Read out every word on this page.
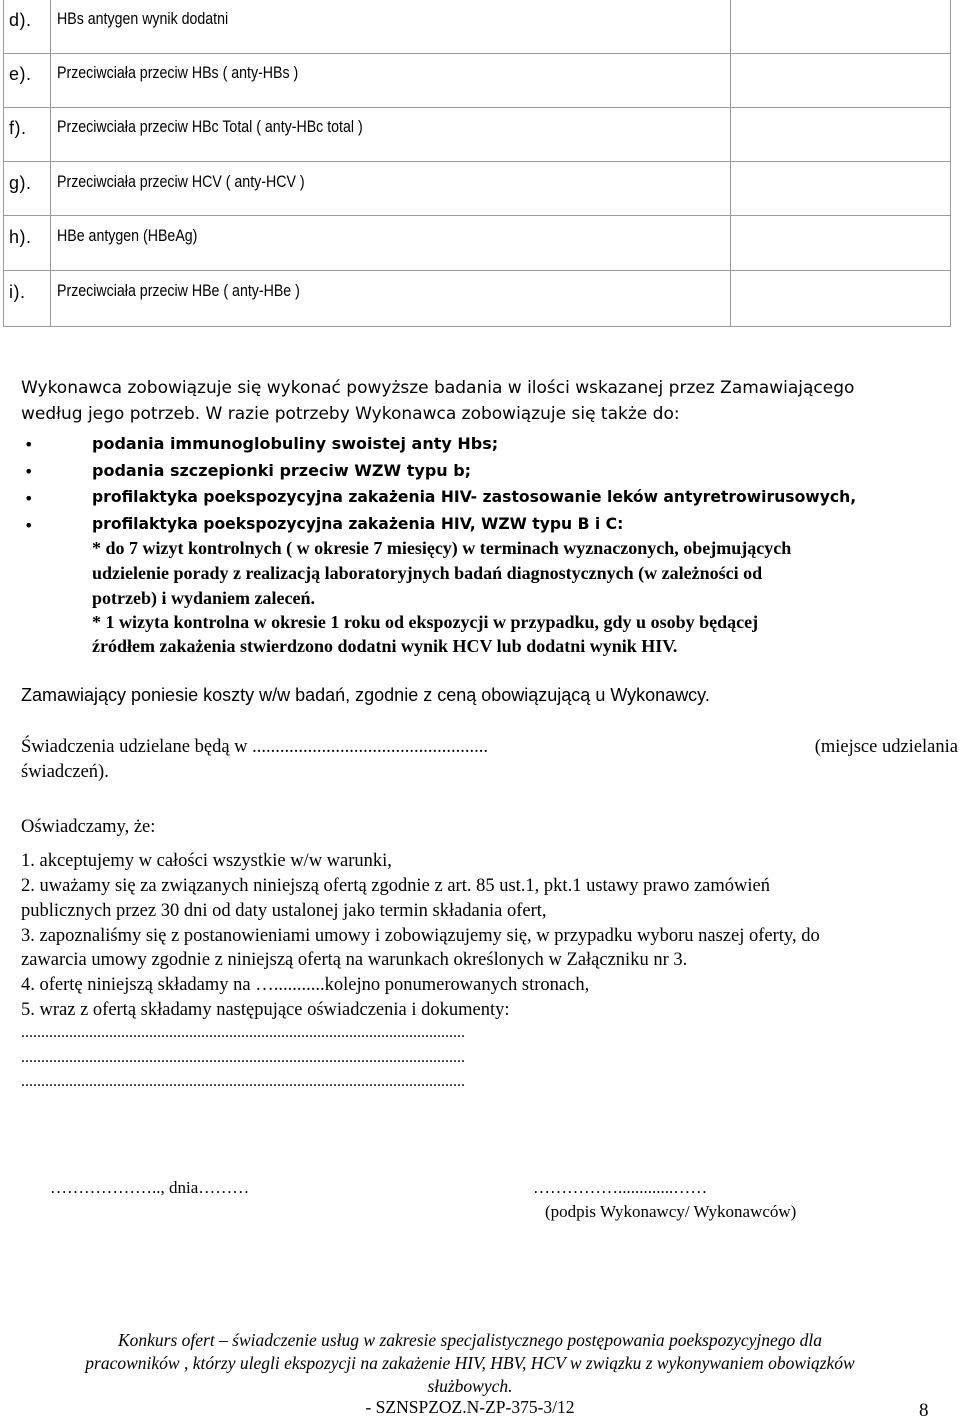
d). HBs antygen wynik dodatni
e). Przeciwciała przeciw HBs ( anty-HBs )
f). Przeciwciała przeciw HBc Total ( anty-HBc total )
g). Przeciwciała przeciw HCV ( anty-HCV )
h). HBe antygen (HBeAg)
i). Przeciwciała przeciw HBe ( anty-HBe )
Wykonawca zobowiązuje się wykonać powyższe badania w ilości wskazanej przez Zamawiającego
według jego potrzeb. W razie potrzeby Wykonawca zobowiązuje się także do:
•	podania immunoglobuliny swoistej anty Hbs;
•	podania szczepionki przeciw WZW typu b;
•	profilaktyka poekspozycyjna zakażenia HIV- zastosowanie leków antyretrowirusowych,
•	profilaktyka poekspozycyjna zakażenia HIV, WZW typu B i C:
* do 7 wizyt kontrolnych ( w okresie 7 miesięcy) w terminach wyznaczonych, obejmujących
udzielenie porady z realizacją laboratoryjnych badań diagnostycznych (w zależności od
potrzeb) i wydaniem zaleceń.
* 1 wizyta kontrolna w okresie 1 roku od ekspozycji w przypadku, gdy u osoby będącej
źródłem zakażenia stwierdzono dodatni wynik HCV lub dodatni wynik HIV.
Zamawiający poniesie koszty w/w badań, zgodnie z ceną obowiązującą u Wykonawcy.
Świadczenia udzielane będą w ...................................................	(miejsce udzielania
świadczeń).
Oświadczamy, że:
1. akceptujemy w całości wszystkie w/w warunki,
2. uważamy się za związanych niniejszą ofertą zgodnie z art. 85 ust.1, pkt.1 ustawy prawo zamówień
publicznych przez 30 dni od daty ustalonej jako termin składania ofert,
3. zapoznaliśmy się z postanowieniami umowy i zobowiązujemy się, w przypadku wyboru naszej oferty, do
zawarcia umowy zgodnie z niniejszą ofertą na warunkach określonych w Załączniku nr 3.
4. ofertę niniejszą składamy na …...........kolejno ponumerowanych stronach,
5. wraz z ofertą składamy następujące oświadczenia i dokumenty:
...............................................................................................................
...............................................................................................................
...............................................................................................................
……………….., dnia………	…………….............……
(podpis Wykonawcy/ Wykonawców)
Konkurs ofert – świadczenie usług w zakresie specjalistycznego postępowania poekspozycyjnego dla
pracowników , którzy ulegli ekspozycji na zakażenie HIV, HBV, HCV w związku z wykonywaniem obowiązków
służbowych.
- SZNSPZOZ.N-ZP-375-3/12	8
